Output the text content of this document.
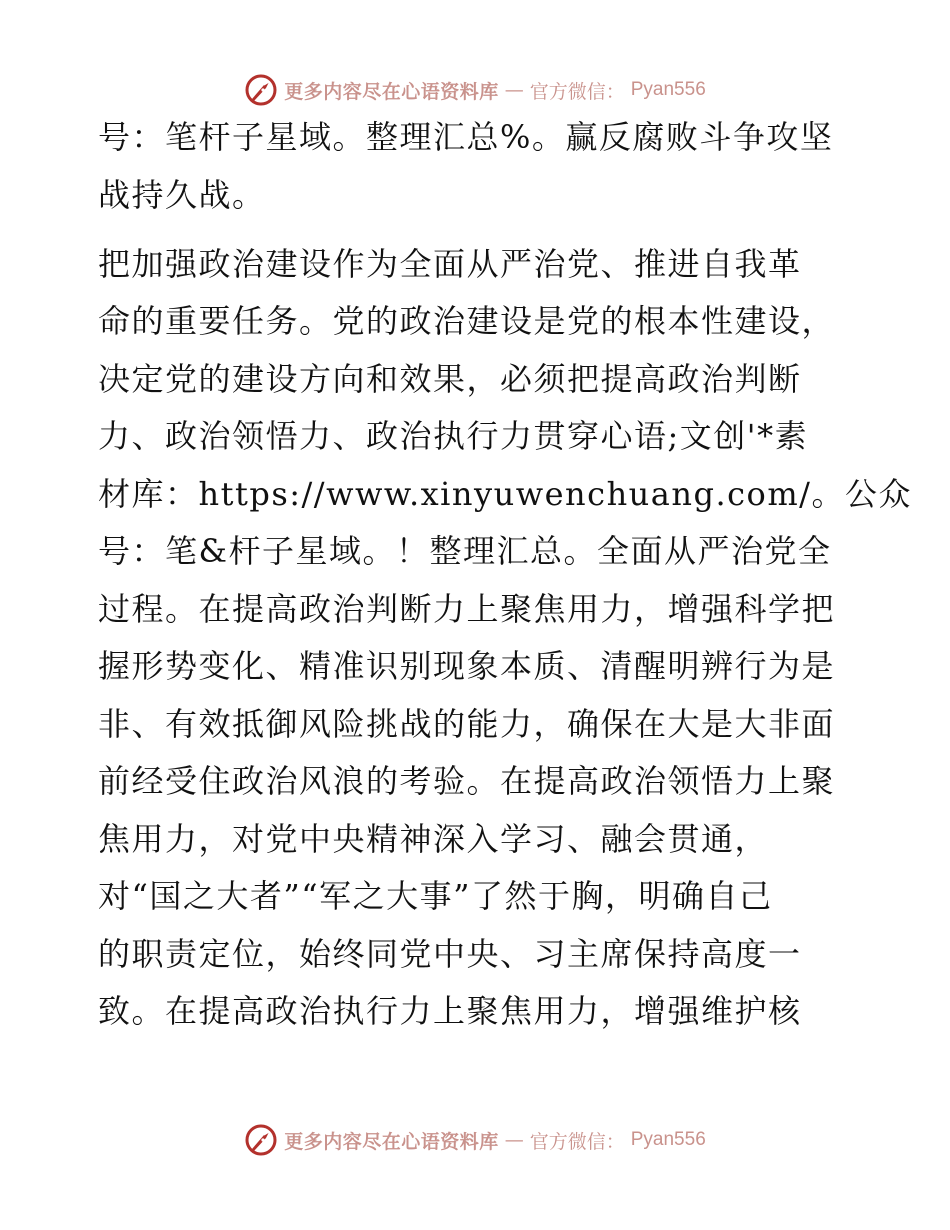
更多内容尽在心语资料库 — 官方微信： Pyan556
号：笔杆子星域。整理汇总%。赢反腐败斗争攻坚
战持久战。
把加强政治建设作为全面从严治党、推进自我革
命的重要任务。党的政治建设是党的根本性建设，
决定党的建设方向和效果，必须把提高政治判断
力、政治领悟力、政治执行力贯穿心语;文创'*素
材库：https://www.xinyuwenchuang.com/。公众
号：笔&杆子星域。！整理汇总。全面从严治党全
过程。在提高政治判断力上聚焦用力，增强科学把
握形势变化、精准识别现象本质、清醒明辨行为是
非、有效抵御风险挑战的能力，确保在大是大非面
前经受住政治风浪的考验。在提高政治领悟力上聚
焦用力，对党中央精神深入学习、融会贯通，
对“国之大者”“军之大事”了然于胸，明确自己
的职责定位，始终同党中央、习主席保持高度一
致。在提高政治执行力上聚焦用力，增强维护核
更多内容尽在心语资料库 — 官方微信： Pyan556
